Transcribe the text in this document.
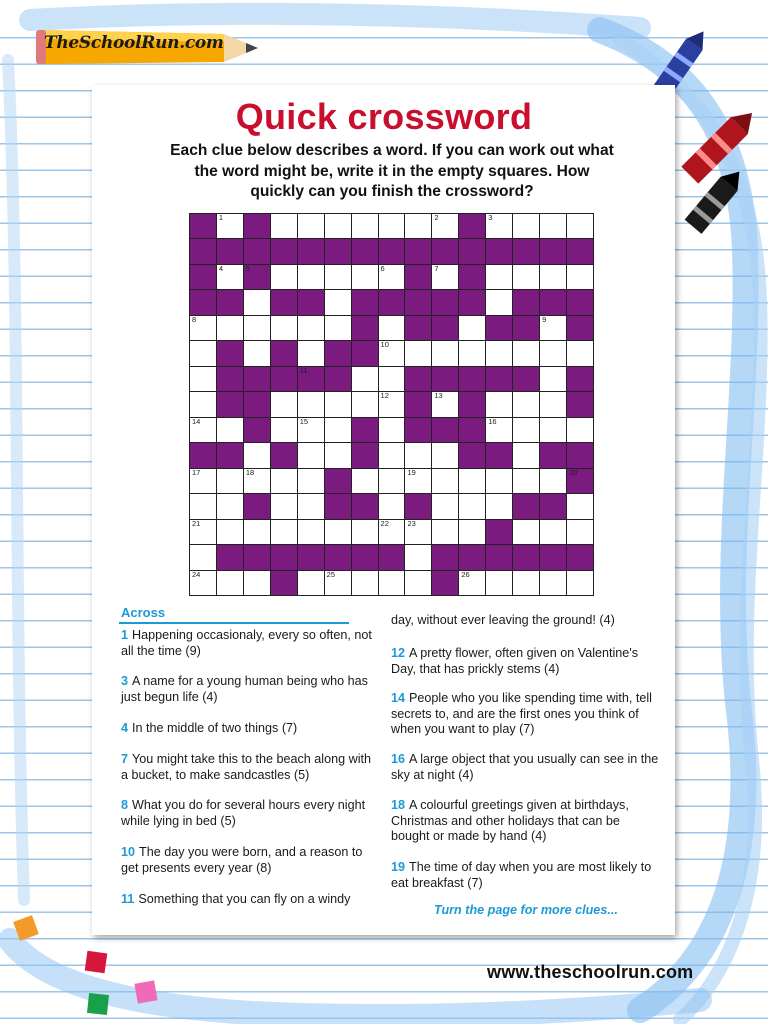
TheSchoolRun.com
Quick crossword
Each clue below describes a word. If you can work out what the word might be, write it in the empty squares. How quickly can you finish the crossword?
1	2	3
4	5	6	7
8	9
10
11
12	13
14	15	16
17	18	19	20
21	22 23
24	25	26
Across
1 Happening occasionaly, every so often, not all the time (9)
3 A name for a young human being who has just begun life (4)
4 In the middle of two things (7)
7 You might take this to the beach along with a bucket, to make sandcastles (5)
8 What you do for several hours every night while lying in bed (5)
10 The day you were born, and a reason to get presents every year (8)
11 Something that you can fly on a windy
day, without ever leaving the ground! (4)
12 A pretty flower, often given on Valentine's Day, that has prickly stems (4)
14 People who you like spending time with, tell secrets to, and are the first ones you think of when you want to play (7)
16 A large object that you usually can see in the sky at night (4)
18 A colourful greetings given at birthdays, Christmas and other holidays that can be bought or made by hand (4)
19 The time of day when you are most likely to eat breakfast (7)
Turn the page for more clues...
www.theschoolrun.com
